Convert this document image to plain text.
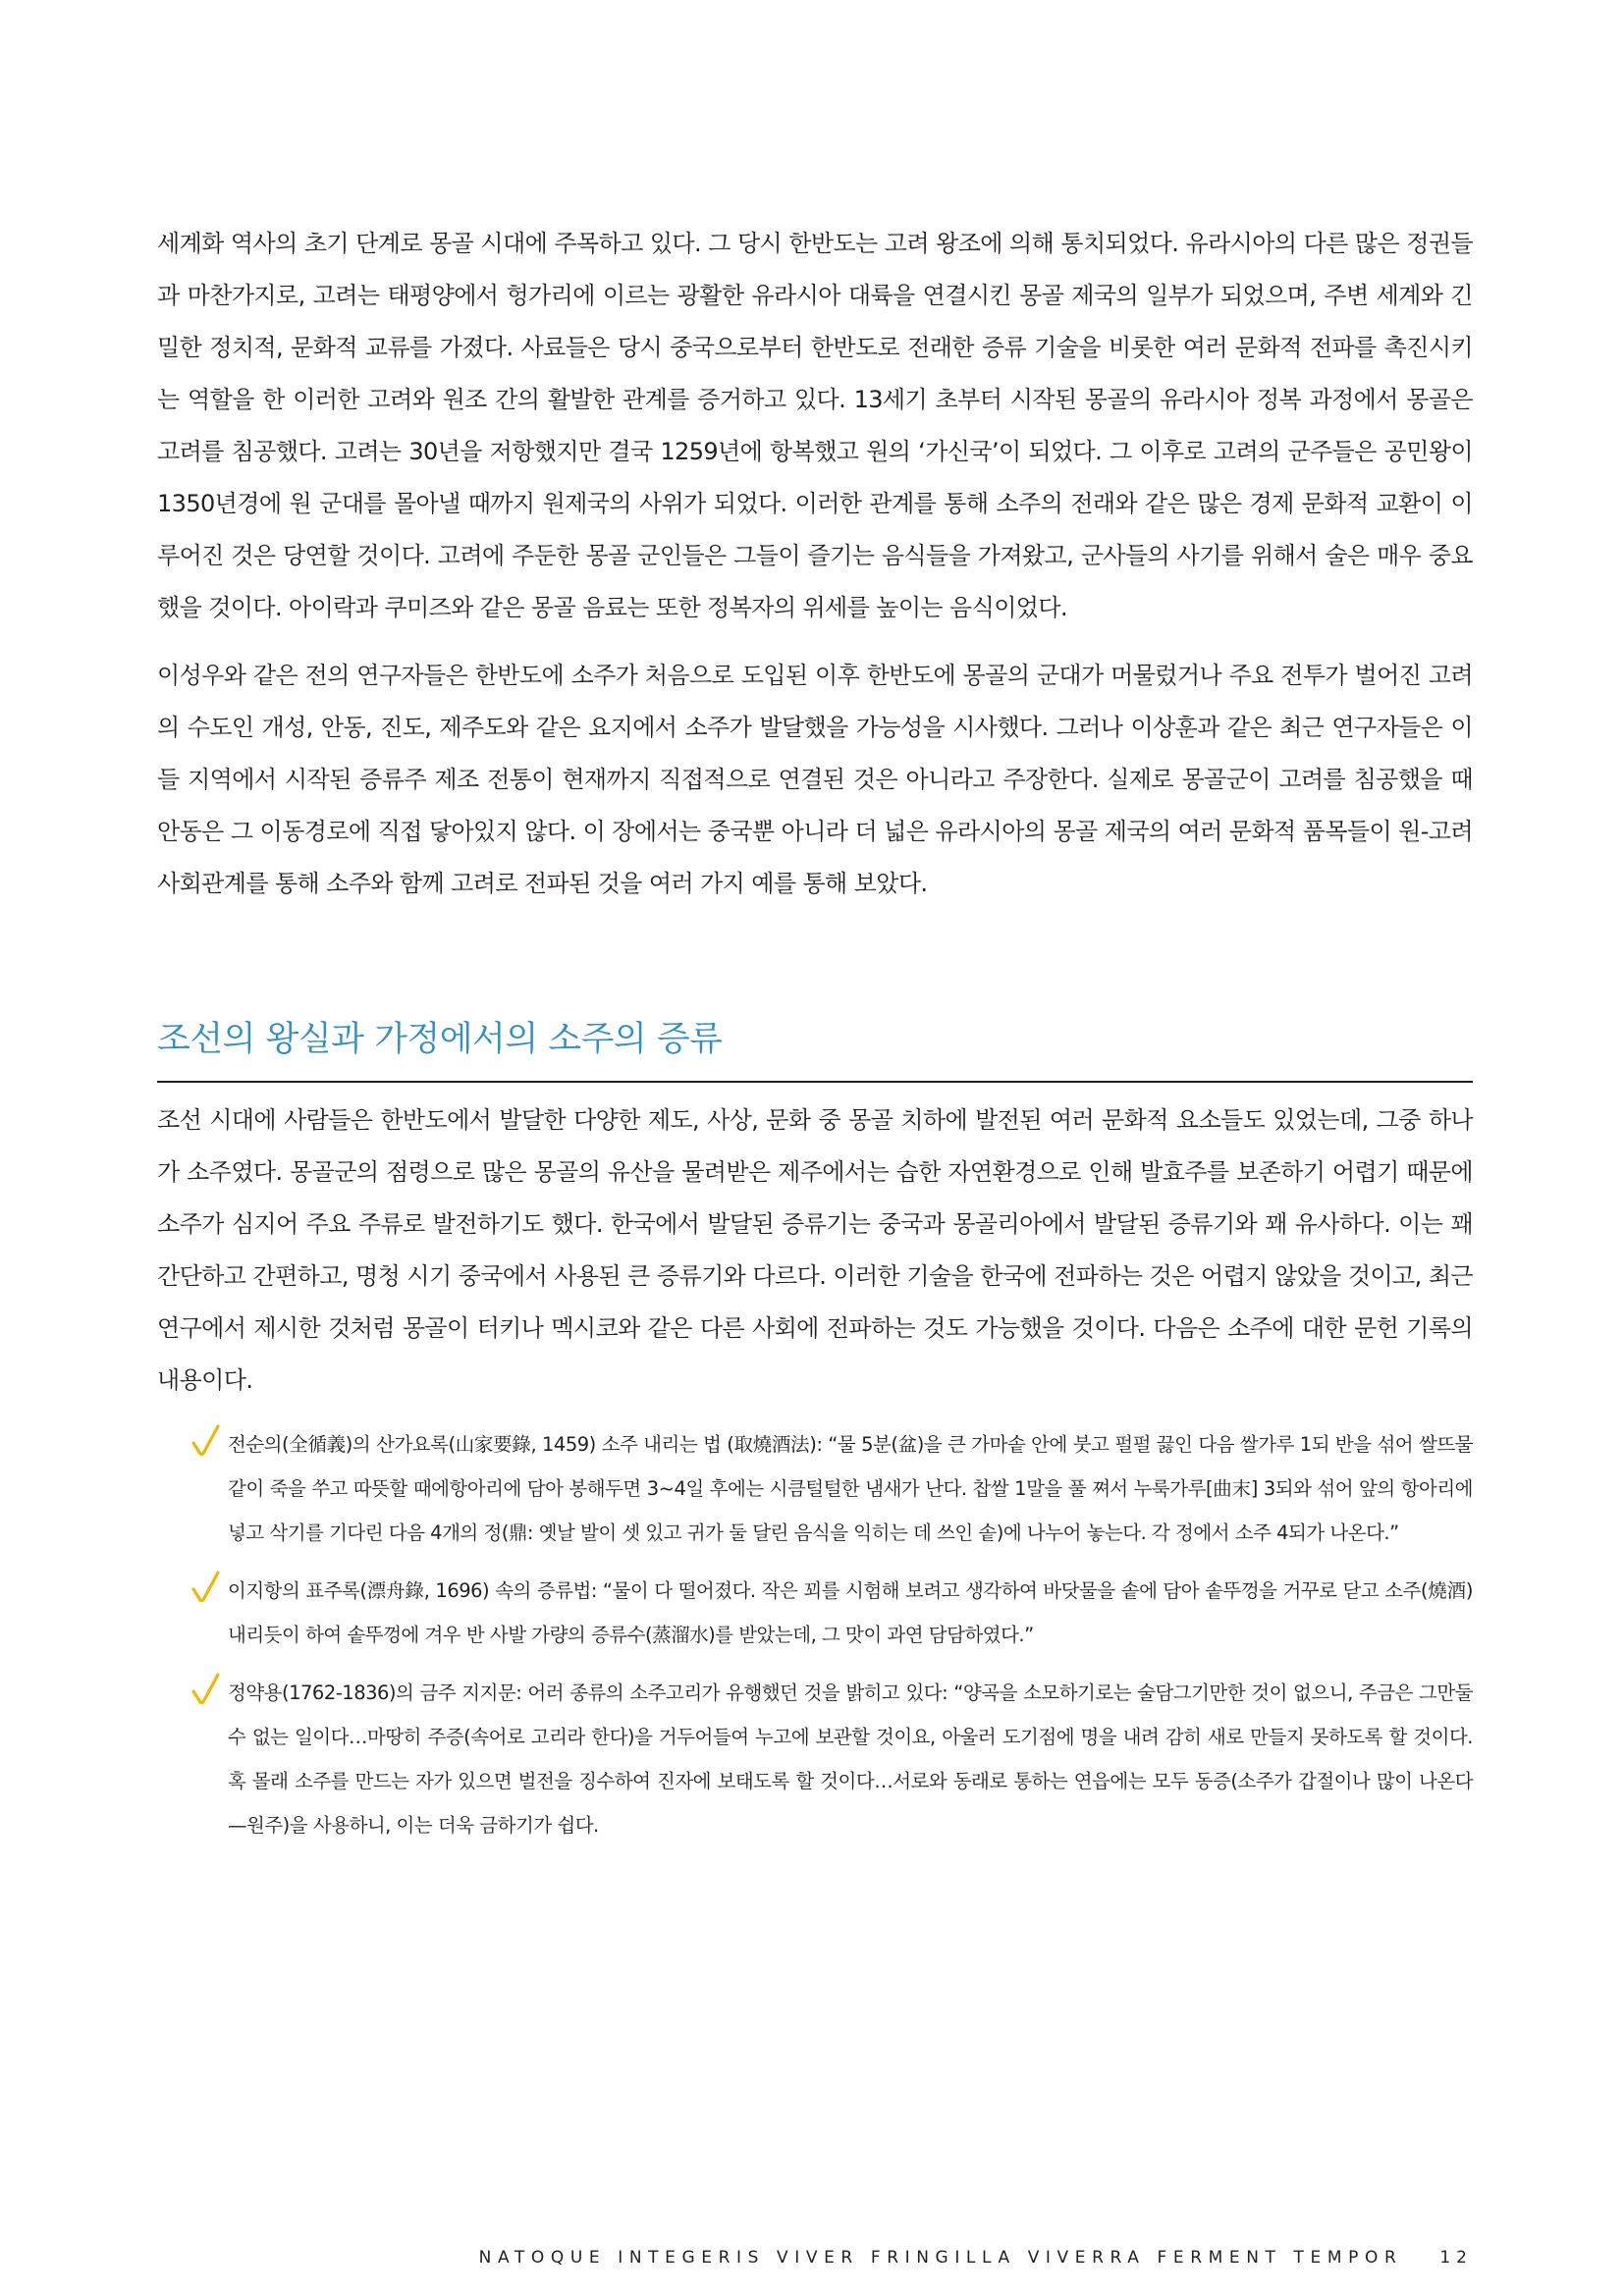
세계화 역사의 초기 단계로 몽골 시대에 주목하고 있다. 그 당시 한반도는 고려 왕조에 의해 통치되었다. 유라시아의 다른 많은 정권들과 마찬가지로, 고려는 태평양에서 헝가리에 이르는 광활한 유라시아 대륙을 연결시킨 몽골 제국의 일부가 되었으며, 주변 세계와 긴밀한 정치적, 문화적 교류를 가졌다. 사료들은 당시 중국으로부터 한반도로 전래한 증류 기술을 비롯한 여러 문화적 전파를 촉진시키는 역할을 한 이러한 고려와 원조 간의 활발한 관계를 증거하고 있다. 13세기 초부터 시작된 몽골의 유라시아 정복 과정에서 몽골은 고려를 침공했다. 고려는 30년을 저항했지만 결국 1259년에 항복했고 원의 ‘가신국’이 되었다. 그 이후로 고려의 군주들은 공민왕이 1350년경에 원 군대를 몰아낼 때까지 원제국의 사위가 되었다. 이러한 관계를 통해 소주의 전래와 같은 많은 경제 문화적 교환이 이루어진 것은 당연할 것이다. 고려에 주둔한 몽골 군인들은 그들이 즐기는 음식들을 가져왔고, 군사들의 사기를 위해서 술은 매우 중요했을 것이다. 아이락과 쿠미즈와 같은 몽골 음료는 또한 정복자의 위세를 높이는 음식이었다.

이성우와 같은 전의 연구자들은 한반도에 소주가 처음으로 도입된 이후 한반도에 몽골의 군대가 머물렀거나 주요 전투가 벌어진 고려의 수도인 개성, 안동, 진도, 제주도와 같은 요지에서 소주가 발달했을 가능성을 시사했다. 그러나 이상훈과 같은 최근 연구자들은 이들 지역에서 시작된 증류주 제조 전통이 현재까지 직접적으로 연결된 것은 아니라고 주장한다. 실제로 몽골군이 고려를 침공했을 때 안동은 그 이동경로에 직접 닿아있지 않다. 이 장에서는 중국뿐 아니라 더 넓은 유라시아의 몽골 제국의 여러 문화적 품목들이 원-고려 사회관계를 통해 소주와 함께 고려로 전파된 것을 여러 가지 예를 통해 보았다.

조선의 왕실과 가정에서의 소주의 증류

조선 시대에 사람들은 한반도에서 발달한 다양한 제도, 사상, 문화 중 몽골 치하에 발전된 여러 문화적 요소들도 있었는데, 그중 하나가 소주였다. 몽골군의 점령으로 많은 몽골의 유산을 물려받은 제주에서는 습한 자연환경으로 인해 발효주를 보존하기 어렵기 때문에 소주가 심지어 주요 주류로 발전하기도 했다. 한국에서 발달된 증류기는 중국과 몽골리아에서 발달된 증류기와 꽤 유사하다. 이는 꽤 간단하고 간편하고, 명청 시기 중국에서 사용된 큰 증류기와 다르다. 이러한 기술을 한국에 전파하는 것은 어렵지 않았을 것이고, 최근 연구에서 제시한 것처럼 몽골이 터키나 멕시코와 같은 다른 사회에 전파하는 것도 가능했을 것이다. 다음은 소주에 대한 문헌 기록의 내용이다.

전순의(全循義)의 산가요록(山家要錄, 1459) 소주 내리는 법 (取燒酒法): “물 5분(盆)을 큰 가마솥 안에 붓고 펄펄 끓인 다음 쌀가루 1되 반을 섞어 쌀뜨물 같이 죽을 쑤고 따뜻할 때에항아리에 담아 봉해두면 3~4일 후에는 시큼털털한 냄새가 난다. 찹쌀 1말을 풀 쪄서 누룩가루[曲末] 3되와 섞어 앞의 항아리에 넣고 삭기를 기다린 다음 4개의 정(鼎: 옛날 발이 셋 있고 귀가 둘 달린 음식을 익히는 데 쓰인 솥)에 나누어 놓는다. 각 정에서 소주 4되가 나온다.”
이지항의 표주록(漂舟錄, 1696) 속의 증류법: “물이 다 떨어졌다. 작은 꾀를 시험해 보려고 생각하여 바닷물을 솥에 담아 솥뚜껑을 거꾸로 닫고 소주(燒酒) 내리듯이 하여 솥뚜껑에 겨우 반 사발 가량의 증류수(蒸溜水)를 받았는데, 그 맛이 과연 담담하였다.”
정약용(1762-1836)의 금주 지지문: 어러 종류의 소주고리가 유행했던 것을 밝히고 있다: “양곡을 소모하기로는 술담그기만한 것이 없으니, 주금은 그만둘 수 없는 일이다…마땅히 주증(속어로 고리라 한다)을 거두어들여 누고에 보관할 것이요, 아울러 도기점에 명을 내려 감히 새로 만들지 못하도록 할 것이다. 혹 몰래 소주를 만드는 자가 있으면 벌전을 징수하여 진자에 보태도록 할 것이다…서로와 동래로 통하는 연읍에는 모두 동증(소주가 갑절이나 많이 나온다—원주)을 사용하니, 이는 더욱 금하기가 쉽다.
NATOQUE INTEGERIS VIVER FRINGILLA VIVERRA FERMENT TEMPOR 12
